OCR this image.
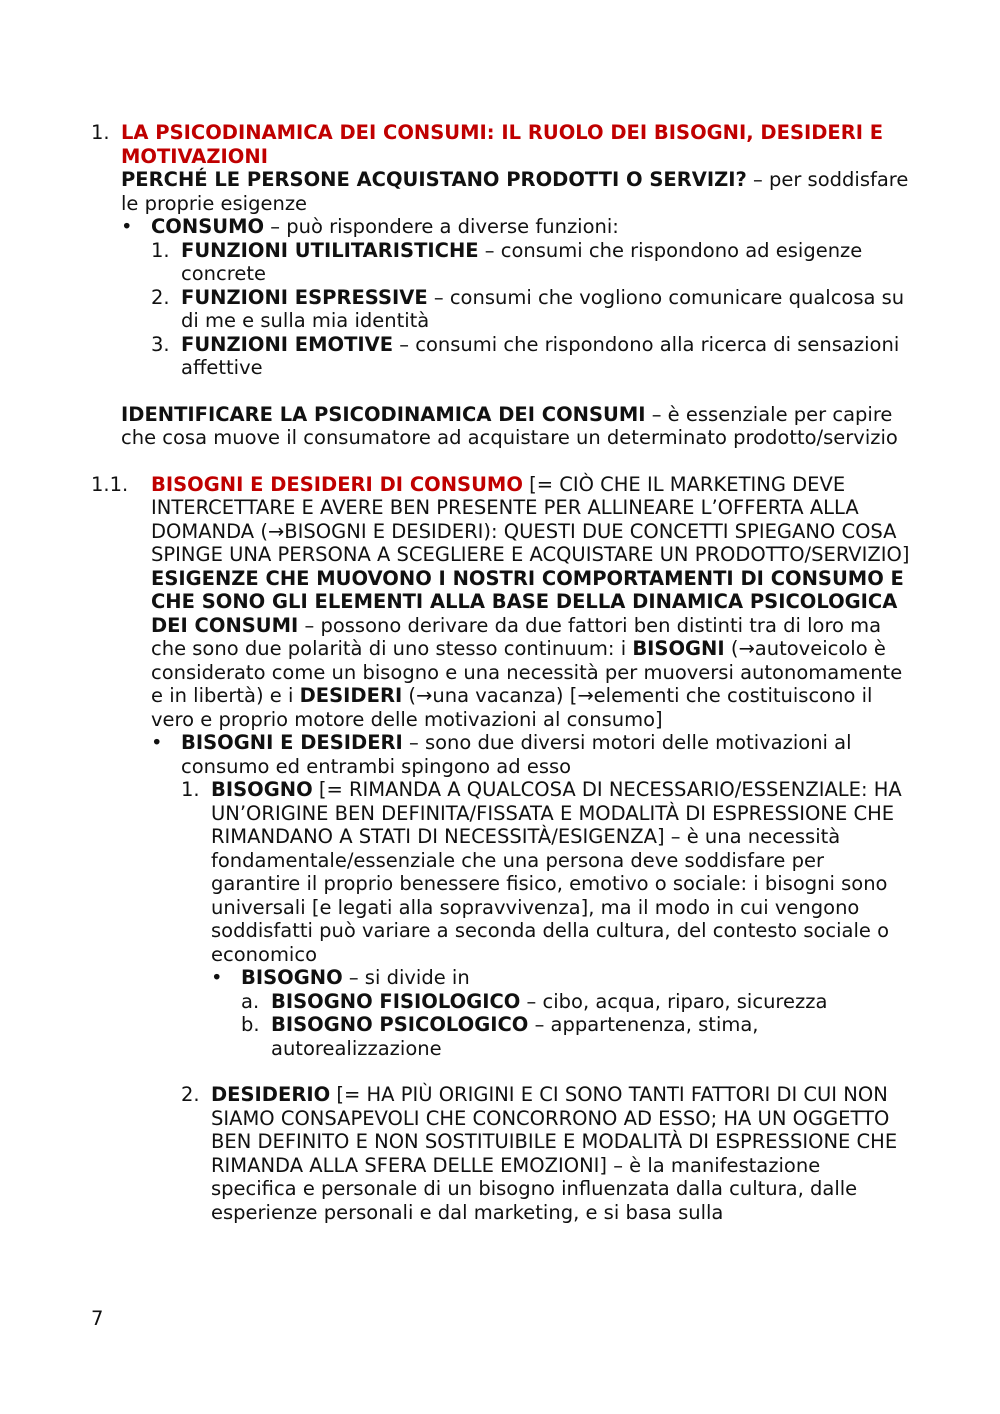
1. LA PSICODINAMICA DEI CONSUMI: IL RUOLO DEI BISOGNI, DESIDERI E MOTIVAZIONI
PERCHÉ LE PERSONE ACQUISTANO PRODOTTI O SERVIZI? – per soddisfare le proprie esigenze
• CONSUMO – può rispondere a diverse funzioni:
1. FUNZIONI UTILITARISTICHE – consumi che rispondono ad esigenze concrete
2. FUNZIONI ESPRESSIVE – consumi che vogliono comunicare qualcosa su di me e sulla mia identità
3. FUNZIONI EMOTIVE – consumi che rispondono alla ricerca di sensazioni affettive
IDENTIFICARE LA PSICODINAMICA DEI CONSUMI – è essenziale per capire che cosa muove il consumatore ad acquistare un determinato prodotto/servizio
1.1.	BISOGNI E DESIDERI DI CONSUMO [= CIÒ CHE IL MARKETING DEVE INTERCETTARE E AVERE BEN PRESENTE PER ALLINEARE L’OFFERTA ALLA DOMANDA (→BISOGNI E DESIDERI): QUESTI DUE CONCETTI SPIEGANO COSA SPINGE UNA PERSONA A SCEGLIERE E ACQUISTARE UN PRODOTTO/SERVIZIO]
ESIGENZE CHE MUOVONO I NOSTRI COMPORTAMENTI DI CONSUMO E CHE SONO GLI ELEMENTI ALLA BASE DELLA DINAMICA PSICOLOGICA DEI CONSUMI – possono derivare da due fattori ben distinti tra di loro ma che sono due polarità di uno stesso continuum: i BISOGNI (→autoveicolo è considerato come un bisogno e una necessità per muoversi autonomamente e in libertà) e i DESIDERI (→una vacanza) [→elementi che costituiscono il vero e proprio motore delle motivazioni al consumo]
• BISOGNI E DESIDERI – sono due diversi motori delle motivazioni al consumo ed entrambi spingono ad esso
1. BISOGNO [= RIMANDA A QUALCOSA DI NECESSARIO/ESSENZIALE: HA UN’ORIGINE BEN DEFINITA/FISSATA E MODALITÀ DI ESPRESSIONE CHE RIMANDANO A STATI DI NECESSITÀ/ESIGENZA] – è una necessità fondamentale/essenziale che una persona deve soddisfare per garantire il proprio benessere fisico, emotivo o sociale: i bisogni sono universali [e legati alla sopravvivenza], ma il modo in cui vengono soddisfatti può variare a seconda della cultura, del contesto sociale o economico
• BISOGNO – si divide in
a. BISOGNO FISIOLOGICO – cibo, acqua, riparo, sicurezza
b. BISOGNO PSICOLOGICO – appartenenza, stima, autorealizzazione
2. DESIDERIO [= HA PIÙ ORIGINI E CI SONO TANTI FATTORI DI CUI NON SIAMO CONSAPEVOLI CHE CONCORRONO AD ESSO; HA UN OGGETTO BEN DEFINITO E NON SOSTITUIBILE E MODALITÀ DI ESPRESSIONE CHE RIMANDA ALLA SFERA DELLE EMOZIONI] – è la manifestazione specifica e personale di un bisogno influenzata dalla cultura, dalle esperienze personali e dal marketing, e si basa sulla
7
